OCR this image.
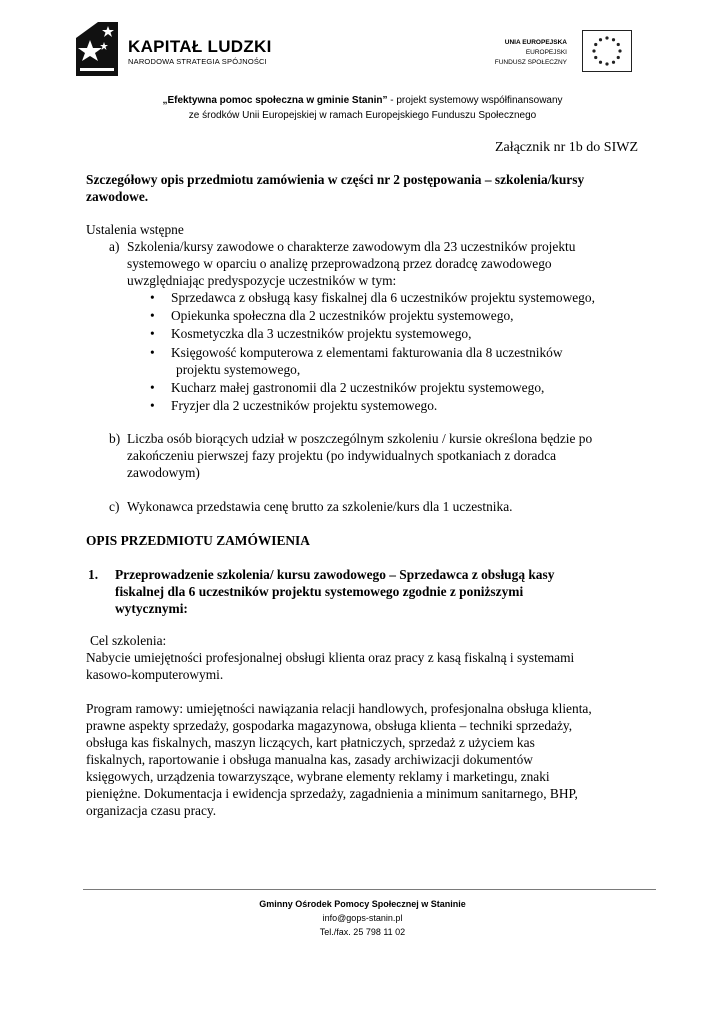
KAPITAŁ LUDZKI
NARODOWA STRATEGIA SPÓJNOŚCI
UNIA EUROPEJSKA
EUROPEJSKI
FUNDUSZ SPOŁECZNY
„Efektywna pomoc społeczna w gminie Stanin” - projekt systemowy współfinansowany
ze środków Unii Europejskiej w ramach Europejskiego Funduszu Społecznego
Załącznik nr 1b do SIWZ
Szczegółowy opis przedmiotu zamówienia w części nr 2 postępowania – szkolenia/kursy
zawodowe.
Ustalenia wstępne
a) Szkolenia/kursy zawodowe o charakterze zawodowym dla 23 uczestników projektu
systemowego w oparciu o analizę przeprowadzoną przez doradcę zawodowego
uwzględniając predyspozycje uczestników w tym:
• Sprzedawca z obsługą kasy fiskalnej dla 6 uczestników projektu systemowego,
• Opiekunka społeczna dla 2 uczestników projektu systemowego,
• Kosmetyczka dla 3 uczestników projektu systemowego,
• Księgowość komputerowa z elementami fakturowania dla 8 uczestników
projektu systemowego,
• Kucharz małej gastronomii dla 2 uczestników projektu systemowego,
• Fryzjer dla 2 uczestników projektu systemowego.
b) Liczba osób biorących udział w poszczególnym szkoleniu / kursie określona będzie po
zakończeniu pierwszej fazy projektu (po indywidualnych spotkaniach z doradca
zawodowym)
c) Wykonawca przedstawia cenę brutto za szkolenie/kurs dla 1 uczestnika.
OPIS PRZEDMIOTU ZAMÓWIENIA
1. Przeprowadzenie szkolenia/ kursu zawodowego – Sprzedawca z obsługą kasy
fiskalnej dla 6 uczestników projektu systemowego zgodnie z poniższymi
wytycznymi:
Cel szkolenia:
Nabycie umiejętności profesjonalnej obsługi klienta oraz pracy z kasą fiskalną i systemami
kasowo-komputerowymi.
Program ramowy: umiejętności nawiązania relacji handlowych, profesjonalna obsługa klienta,
prawne aspekty sprzedaży, gospodarka magazynowa, obsługa klienta – techniki sprzedaży,
obsługa kas fiskalnych, maszyn liczących, kart płatniczych, sprzedaż z użyciem kas
fiskalnych, raportowanie i obsługa manualna kas, zasady archiwizacji dokumentów
księgowych, urządzenia towarzyszące, wybrane elementy reklamy i marketingu, znaki
pieniężne. Dokumentacja i ewidencja sprzedaży, zagadnienia a minimum sanitarnego, BHP,
organizacja czasu pracy.
Gminny Ośrodek Pomocy Społecznej w Staninie
info@gops-stanin.pl
Tel./fax. 25 798 11 02
